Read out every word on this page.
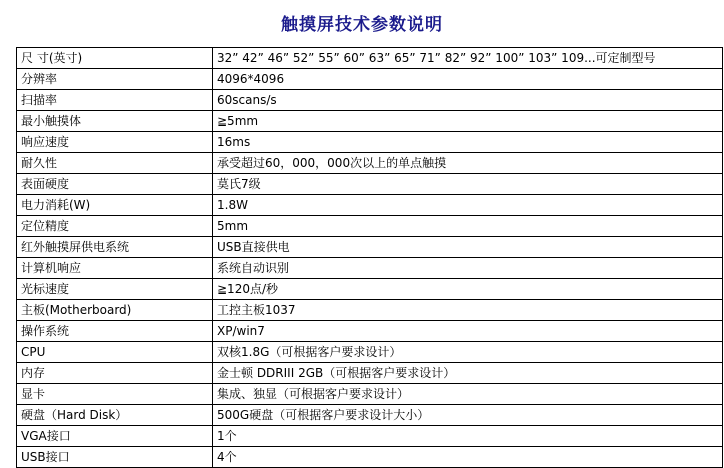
触摸屏技术参数说明
尺 寸(英寸)	32” 42” 46” 52” 55” 60” 63” 65” 71” 82” 92” 100” 103” 109...可定制型号
分辨率	4096*4096
扫描率	60scans/s
最小触摸体	≧5mm
响应速度	16ms
耐久性	承受超过60，000，000次以上的单点触摸
表面硬度	莫氏7级
电力消耗(W)	1.8W
定位精度	5mm
红外触摸屏供电系统	USB直接供电
计算机响应	系统自动识别
光标速度	≧120点/秒
主板(Motherboard)	工控主板1037
操作系统	XP/win7
CPU	双核1.8G（可根据客户要求设计）
内存	金士顿 DDRIII 2GB（可根据客户要求设计）
显卡	集成、独显（可根据客户要求设计）
硬盘（Hard Disk）	500G硬盘（可根据客户要求设计大小）
VGA接口	1个
USB接口	4个
